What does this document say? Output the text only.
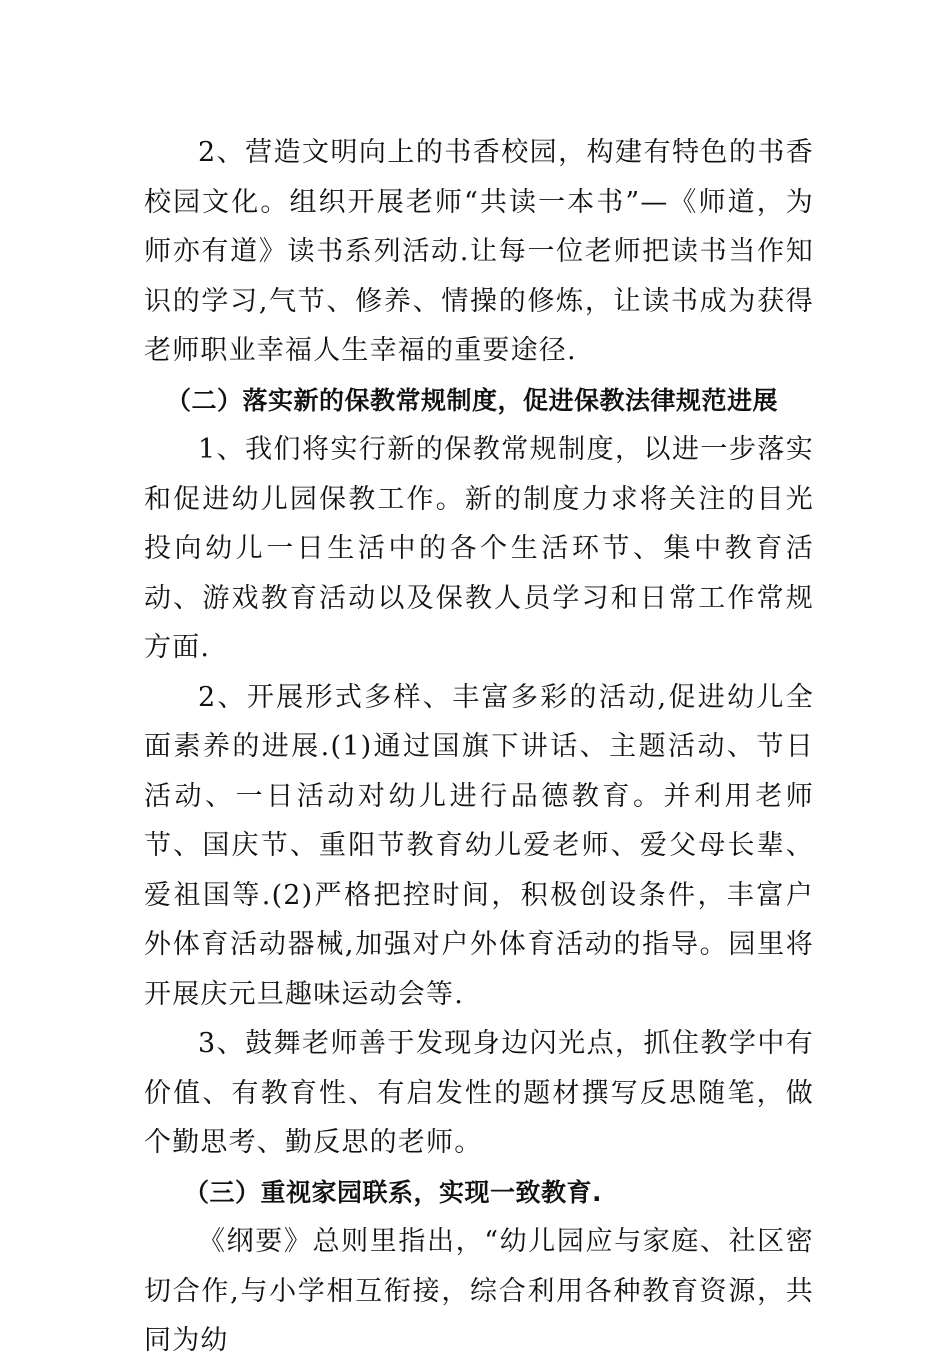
2、营造文明向上的书香校园，构建有特色的书香校园文化。组织开展老师“共读一本书”—《师道，为师亦有道》读书系列活动.让每一位老师把读书当作知识的学习,气节、修养、情操的修炼，让读书成为获得老师职业幸福人生幸福的重要途径.

（二）落实新的保教常规制度，促进保教法律规范进展

1、我们将实行新的保教常规制度，以进一步落实和促进幼儿园保教工作。新的制度力求将关注的目光投向幼儿一日生活中的各个生活环节、集中教育活动、游戏教育活动以及保教人员学习和日常工作常规方面.

2、开展形式多样、丰富多彩的活动,促进幼儿全面素养的进展.(1)通过国旗下讲话、主题活动、节日活动、一日活动对幼儿进行品德教育。并利用老师节、国庆节、重阳节教育幼儿爱老师、爱父母长辈、爱祖国等.(2)严格把控时间，积极创设条件，丰富户外体育活动器械,加强对户外体育活动的指导。园里将开展庆元旦趣味运动会等.

3、鼓舞老师善于发现身边闪光点，抓住教学中有价值、有教育性、有启发性的题材撰写反思随笔，做个勤思考、勤反思的老师。

（三）重视家园联系，实现一致教育.

《纲要》总则里指出，“幼儿园应与家庭、社区密切合作,与小学相互衔接，综合利用各种教育资源，共同为幼
